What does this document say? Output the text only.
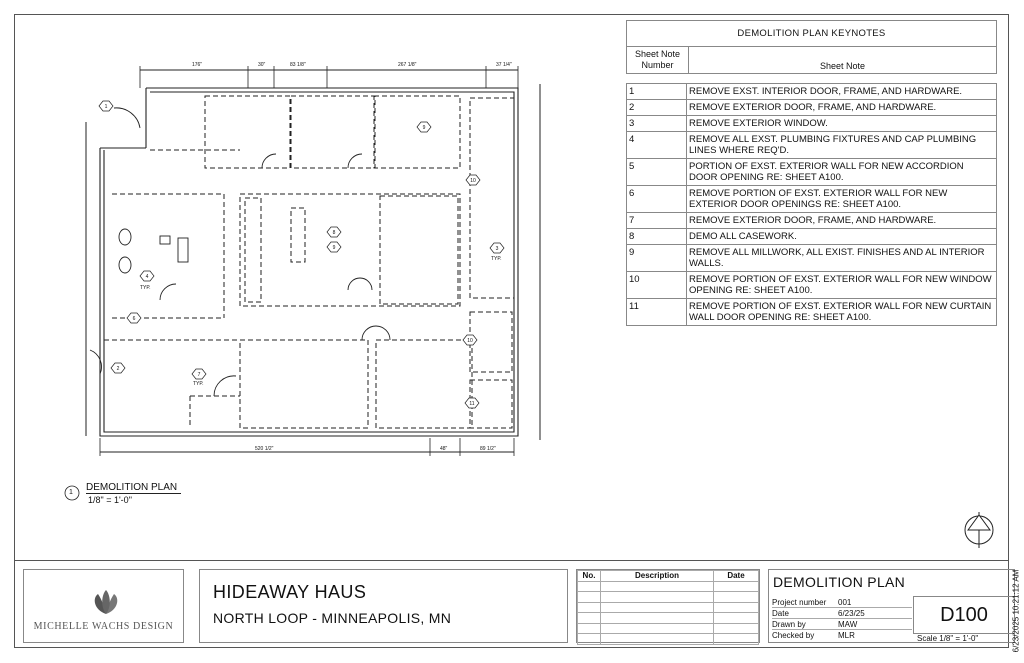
1
9
10
8
9	3
4
6
10
2
7
11
176"	30"	83 1/8"	267 1/8"	37 1/4"
520 1/2"	48"	89 1/2"
TYP.
TYP.
TYP.
1 DEMOLITION PLAN
1/8" = 1'-0"
DEMOLITION PLAN KEYNOTES
Sheet Note Number	Sheet Note
1	REMOVE EXST. INTERIOR DOOR, FRAME, AND HARDWARE.
2	REMOVE EXTERIOR DOOR, FRAME, AND HARDWARE.
3	REMOVE EXTERIOR WINDOW.
4	REMOVE ALL EXST. PLUMBING FIXTURES AND CAP PLUMBING LINES WHERE REQ'D.
5	PORTION OF EXST. EXTERIOR WALL FOR NEW ACCORDION DOOR OPENING RE: SHEET A100.
6	REMOVE PORTION OF EXST. EXTERIOR WALL FOR NEW EXTERIOR DOOR OPENINGS RE: SHEET A100.
7	REMOVE EXTERIOR DOOR, FRAME, AND HARDWARE.
8	DEMO ALL CASEWORK.
9	REMOVE ALL MILLWORK, ALL EXIST. FINISHES AND AL INTERIOR WALLS.
10	REMOVE PORTION OF EXST. EXTERIOR WALL FOR NEW WINDOW OPENING RE: SHEET A100.
11	REMOVE PORTION OF EXST. EXTERIOR WALL FOR NEW CURTAIN WALL DOOR OPENING RE: SHEET A100.
MICHELLE WACHS DESIGN
HIDEAWAY HAUS
NORTH LOOP - MINNEAPOLIS, MN
No.	Description	Date

		DEMOLITION PLAN
Project number	001
Date	6/23/25
Drawn by	MAW
Checked by	MLR
D100
Scale 1/8" = 1'-0"	6/23/2025 10:21:12 AM
